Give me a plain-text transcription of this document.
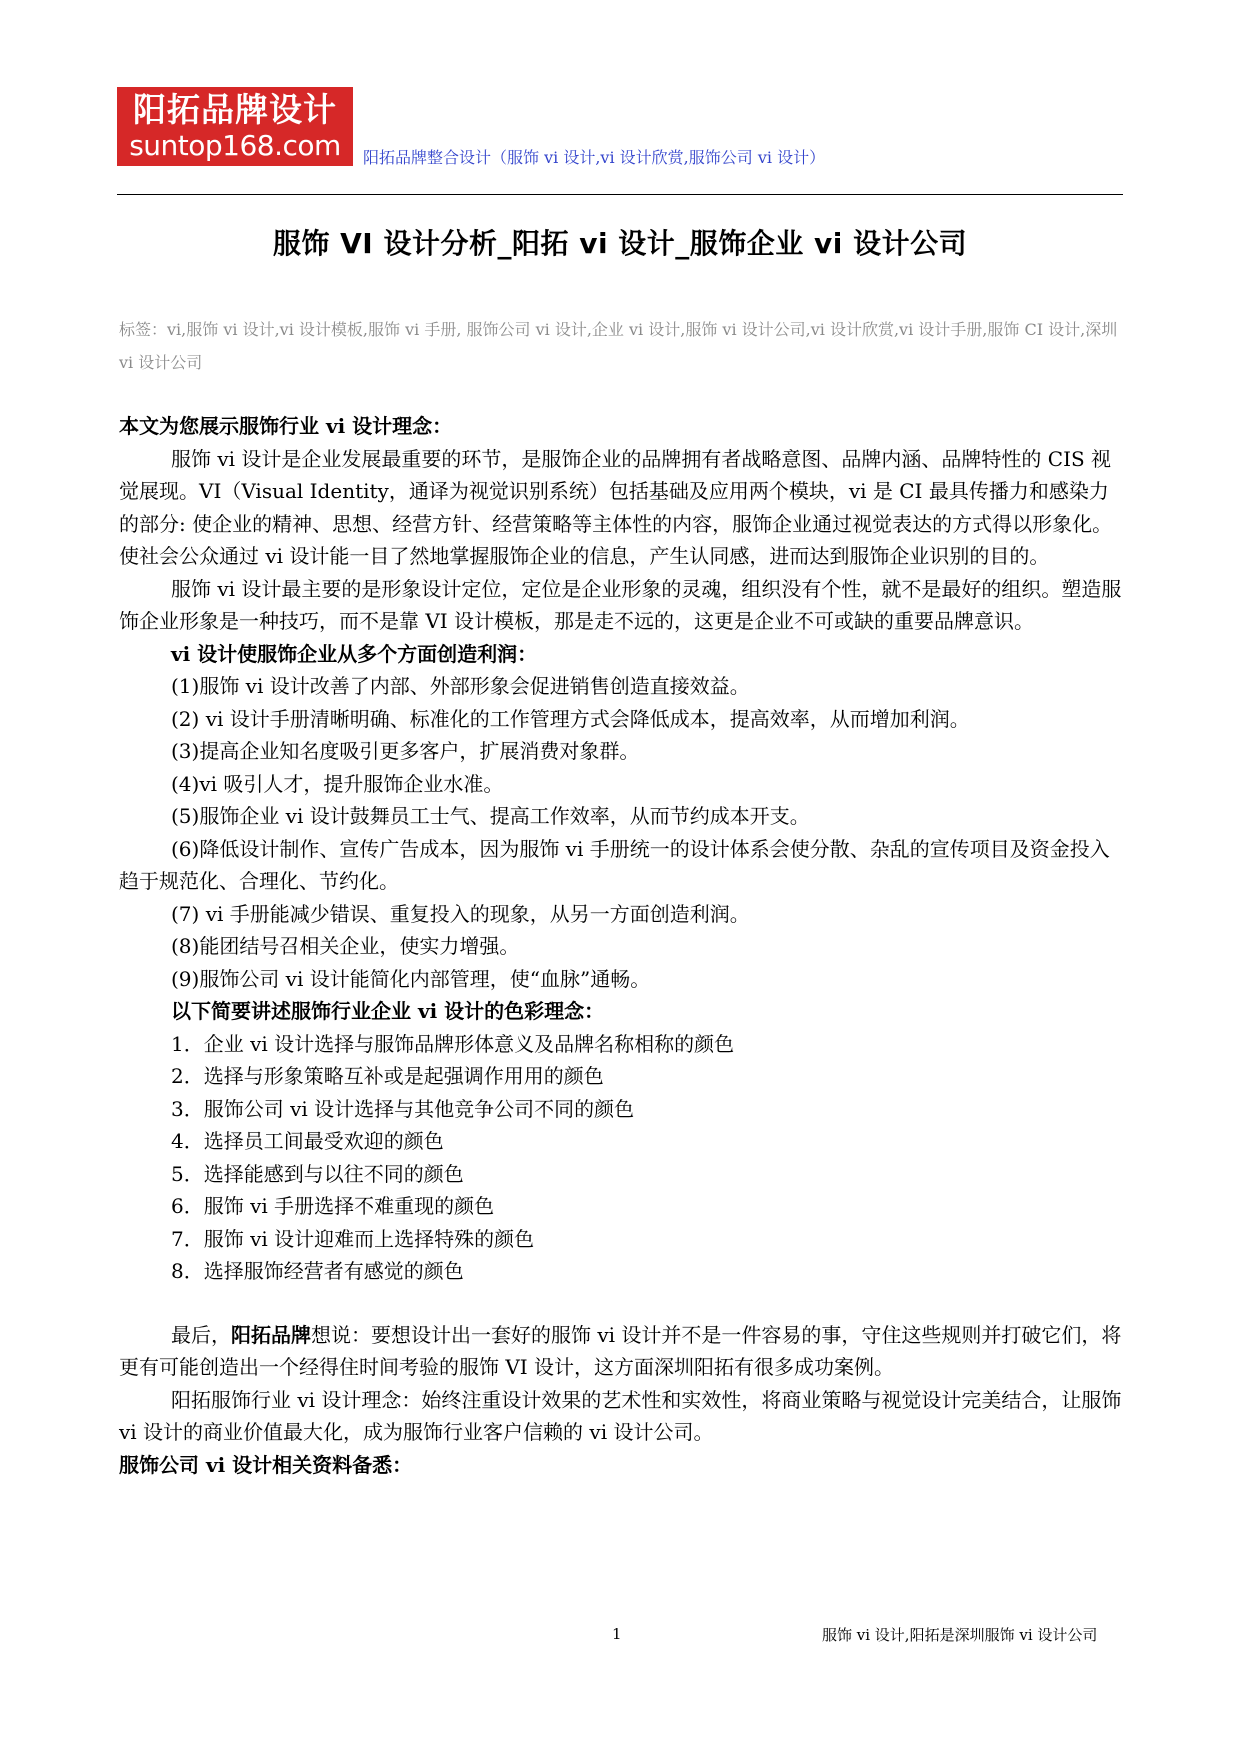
阳拓品牌设计
suntop168.com	阳拓品牌整合设计（服饰 vi 设计,vi 设计欣赏,服饰公司 vi 设计）
服饰 VI 设计分析_阳拓 vi 设计_服饰企业 vi 设计公司
标签：vi,服饰 vi 设计,vi 设计模板,服饰 vi 手册, 服饰公司 vi 设计,企业 vi 设计,服饰 vi 设计公司,vi 设计欣赏,vi 设计手册,服饰 CI 设计,深圳 vi 设计公司

本文为您展示服饰行业 vi 设计理念：

服饰 vi 设计是企业发展最重要的环节，是服饰企业的品牌拥有者战略意图、品牌内涵、品牌特性的 CIS 视觉展现。VI（Visual Identity，通译为视觉识别系统）包括基础及应用两个模块，vi 是 CI 最具传播力和感染力的部分: 使企业的精神、思想、经营方针、经营策略等主体性的内容，服饰企业通过视觉表达的方式得以形象化。使社会公众通过 vi 设计能一目了然地掌握服饰企业的信息，产生认同感，进而达到服饰企业识别的目的。

服饰 vi 设计最主要的是形象设计定位，定位是企业形象的灵魂，组织没有个性，就不是最好的组织。塑造服饰企业形象是一种技巧，而不是靠 VI 设计模板，那是走不远的，这更是企业不可或缺的重要品牌意识。

vi 设计使服饰企业从多个方面创造利润：

(1)服饰 vi 设计改善了内部、外部形象会促进销售创造直接效益。

(2) vi 设计手册清晰明确、标准化的工作管理方式会降低成本，提高效率，从而增加利润。

(3)提高企业知名度吸引更多客户，扩展消费对象群。

(4)vi 吸引人才，提升服饰企业水准。

(5)服饰企业 vi 设计鼓舞员工士气、提高工作效率，从而节约成本开支。

(6)降低设计制作、宣传广告成本，因为服饰 vi 手册统一的设计体系会使分散、杂乱的宣传项目及资金投入趋于规范化、合理化、节约化。

(7) vi 手册能减少错误、重复投入的现象，从另一方面创造利润。

(8)能团结号召相关企业，使实力增强。

(9)服饰公司 vi 设计能简化内部管理，使“血脉”通畅。

以下简要讲述服饰行业企业 vi 设计的色彩理念：

1．企业 vi 设计选择与服饰品牌形体意义及品牌名称相称的颜色

2．选择与形象策略互补或是起强调作用用的颜色

3．服饰公司 vi 设计选择与其他竞争公司不同的颜色

4．选择员工间最受欢迎的颜色

5．选择能感到与以往不同的颜色

6．服饰 vi 手册选择不难重现的颜色

7．服饰 vi 设计迎难而上选择特殊的颜色

8．选择服饰经营者有感觉的颜色

最后，阳拓品牌想说：要想设计出一套好的服饰 vi 设计并不是一件容易的事，守住这些规则并打破它们，将更有可能创造出一个经得住时间考验的服饰 VI 设计，这方面深圳阳拓有很多成功案例。

阳拓服饰行业 vi 设计理念：始终注重设计效果的艺术性和实效性，将商业策略与视觉设计完美结合，让服饰 vi 设计的商业价值最大化，成为服饰行业客户信赖的 vi 设计公司。

服饰公司 vi 设计相关资料备悉：

1	服饰 vi 设计,阳拓是深圳服饰 vi 设计公司
